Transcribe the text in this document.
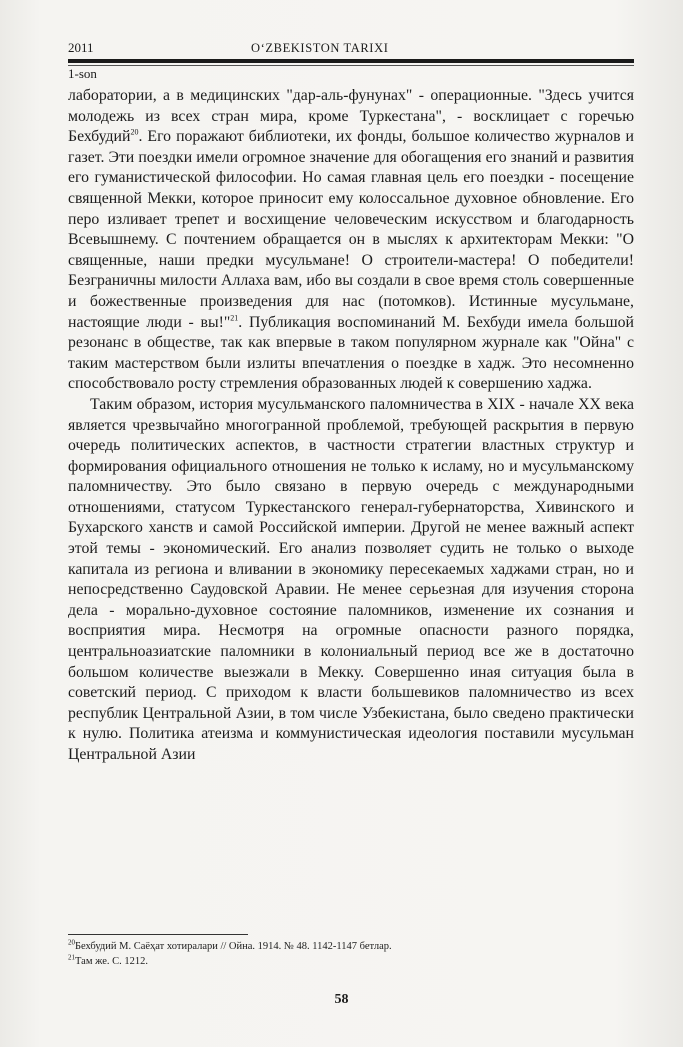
2011	O‘ZBEKISTON TARIXI
1-son

лаборатории, а в медицинских "дар-аль-фунунах" - операционные. "Здесь учится молодежь из всех стран мира, кроме Туркестана", - восклицает с горечью Бехбудий$^{20}$. Его поражают библиотеки, их фонды, большое количество журналов и газет. Эти поездки имели огромное значение для обогащения его знаний и развития его гуманистической философии. Но самая главная цель его поездки - посещение священной Мекки, которое приносит ему колоссальное духовное обновление. Его перо изливает трепет и восхищение человеческим искусством и благодарность Всевышнему. С почтением обращается он в мыслях к архитекторам Мекки: "О священные, наши предки мусульмане! О строители-мастера! О победители! Безграничны милости Аллаха вам, ибо вы создали в свое время столь совершенные и божественные произведения для нас (потомков). Истинные мусульмане, настоящие люди - вы!"$^{21}$. Публикация воспоминаний М. Бехбуди имела большой резонанс в обществе, так как впервые в таком популярном журнале как "Ойна" с таким мастерством были излиты впечатления о поездке в хадж. Это несомненно способствовало росту стремления образованных людей к совершению хаджа.

Таким образом, история мусульманского паломничества в XIX - начале XX века является чрезвычайно многогранной проблемой, требующей раскрытия в первую очередь политических аспектов, в частности стратегии властных структур и формирования официального отношения не только к исламу, но и мусульманскому паломничеству. Это было связано в первую очередь с международными отношениями, статусом Туркестанского генерал-губернаторства, Хивинского и Бухарского ханств и самой Российской империи. Другой не менее важный аспект этой темы - экономический. Его анализ позволяет судить не только о выходе капитала из региона и вливании в экономику пересекаемых хаджами стран, но и непосредственно Саудовской Аравии. Не менее серьезная для изучения сторона дела - морально-духовное состояние паломников, изменение их сознания и восприятия мира. Несмотря на огромные опасности разного порядка, центральноазиатские паломники в колониальный период все же в достаточно большом количестве выезжали в Мекку. Совершенно иная ситуация была в советский период. С приходом к власти большевиков паломничество из всех республик Центральной Азии, в том числе Узбекистана, было сведено практически к нулю. Политика атеизма и коммунистическая идеология поставили мусульман Центральной Азии

$^{20}$Бехбудий М. Саёҳат хотиралари // Ойна. 1914. № 48. 1142-1147 бетлар.

$^{21}$Там же. С. 1212.

58
